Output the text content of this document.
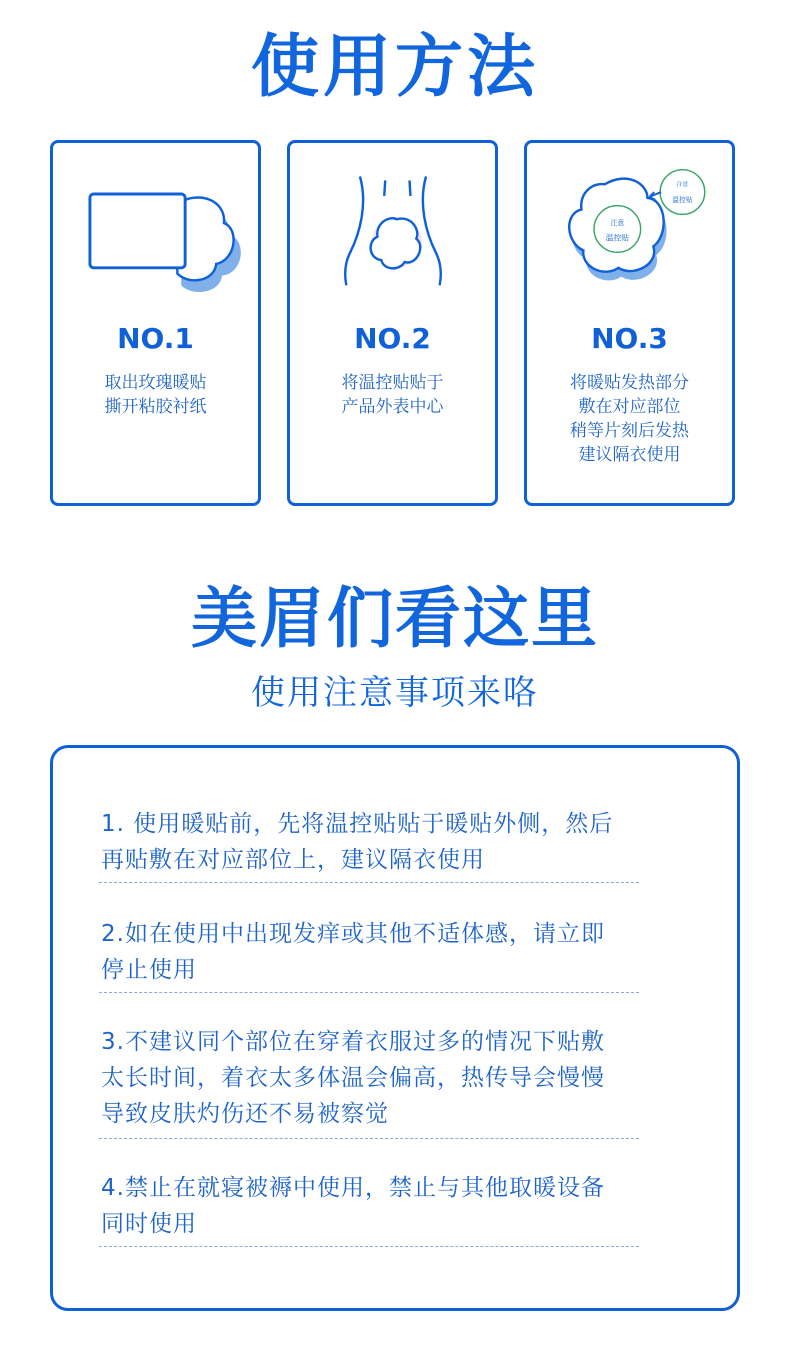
使用方法
NO.1
取出玫瑰暖贴
撕开粘胶衬纸
NO.2
将温控贴贴于
产品外表中心
注意
温控贴
注意
温控贴
NO.3
将暖贴发热部分
敷在对应部位
稍等片刻后发热
建议隔衣使用
美眉们看这里
使用注意事项来咯
1. 使用暖贴前，先将温控贴贴于暖贴外侧，然后
再贴敷在对应部位上，建议隔衣使用
2.如在使用中出现发痒或其他不适体感，请立即
停止使用
3.不建议同个部位在穿着衣服过多的情况下贴敷
太长时间，着衣太多体温会偏高，热传导会慢慢
导致皮肤灼伤还不易被察觉
4.禁止在就寝被褥中使用，禁止与其他取暖设备
同时使用
